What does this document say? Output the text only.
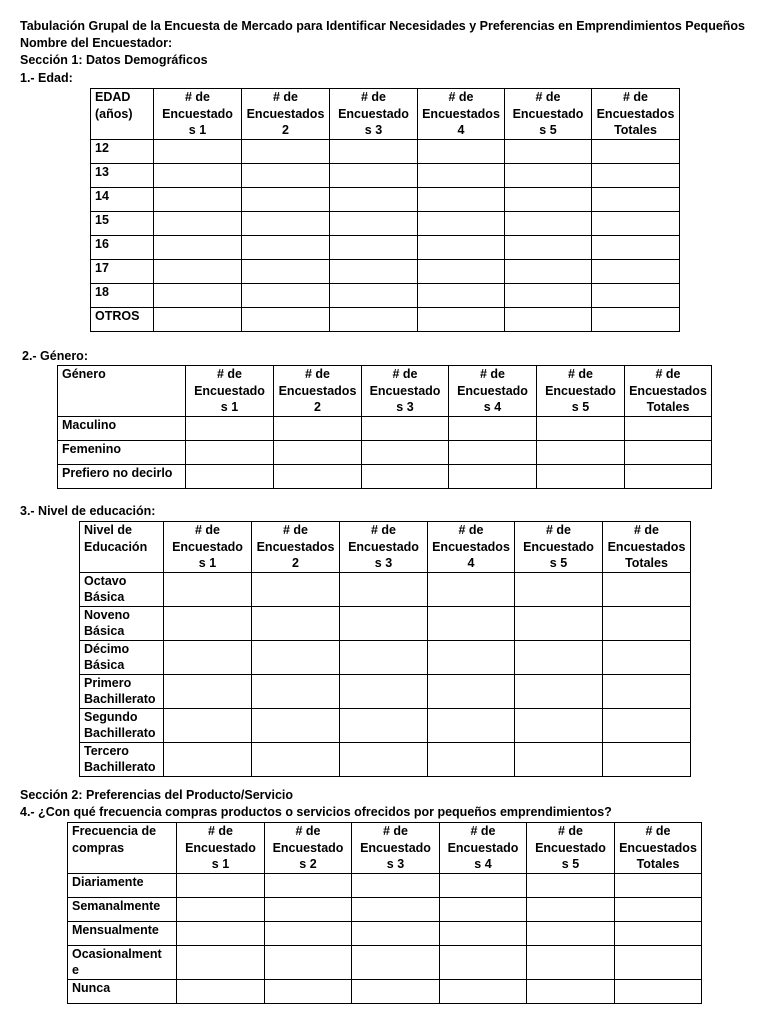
Tabulación Grupal de la Encuesta de Mercado para Identificar Necesidades y Preferencias en Emprendimientos Pequeños
Nombre del Encuestador:
Sección 1: Datos Demográficos
1.- Edad:
EDAD (años)	# de Encuestado s 1	# de Encuestados 2	# de Encuestado s 3	# de Encuestados 4	# de Encuestado s 5	# de Encuestados Totales
12						
13						
14						
15						
16						
17						
18						
OTROS						
2.- Género:
Género	# de Encuestado s 1	# de Encuestados 2	# de Encuestado s 3	# de Encuestado s 4	# de Encuestado s 5	# de Encuestados Totales
Maculino						
Femenino						
Prefiero no decirlo						
3.- Nivel de educación:
Nivel de Educación	# de Encuestado s 1	# de Encuestados 2	# de Encuestado s 3	# de Encuestados 4	# de Encuestado s 5	# de Encuestados Totales
Octavo Básica						
Noveno Básica						
Décimo Básica						
Primero Bachillerato						
Segundo Bachillerato						
Tercero Bachillerato						
Sección 2: Preferencias del Producto/Servicio
4.- ¿Con qué frecuencia compras productos o servicios ofrecidos por pequeños emprendimientos?
Frecuencia de compras	# de Encuestado s 1	# de Encuestado s 2	# de Encuestado s 3	# de Encuestado s 4	# de Encuestado s 5	# de Encuestados Totales
Diariamente						
Semanalmente						
Mensualmente						
Ocasionalment e						
Nunca						
